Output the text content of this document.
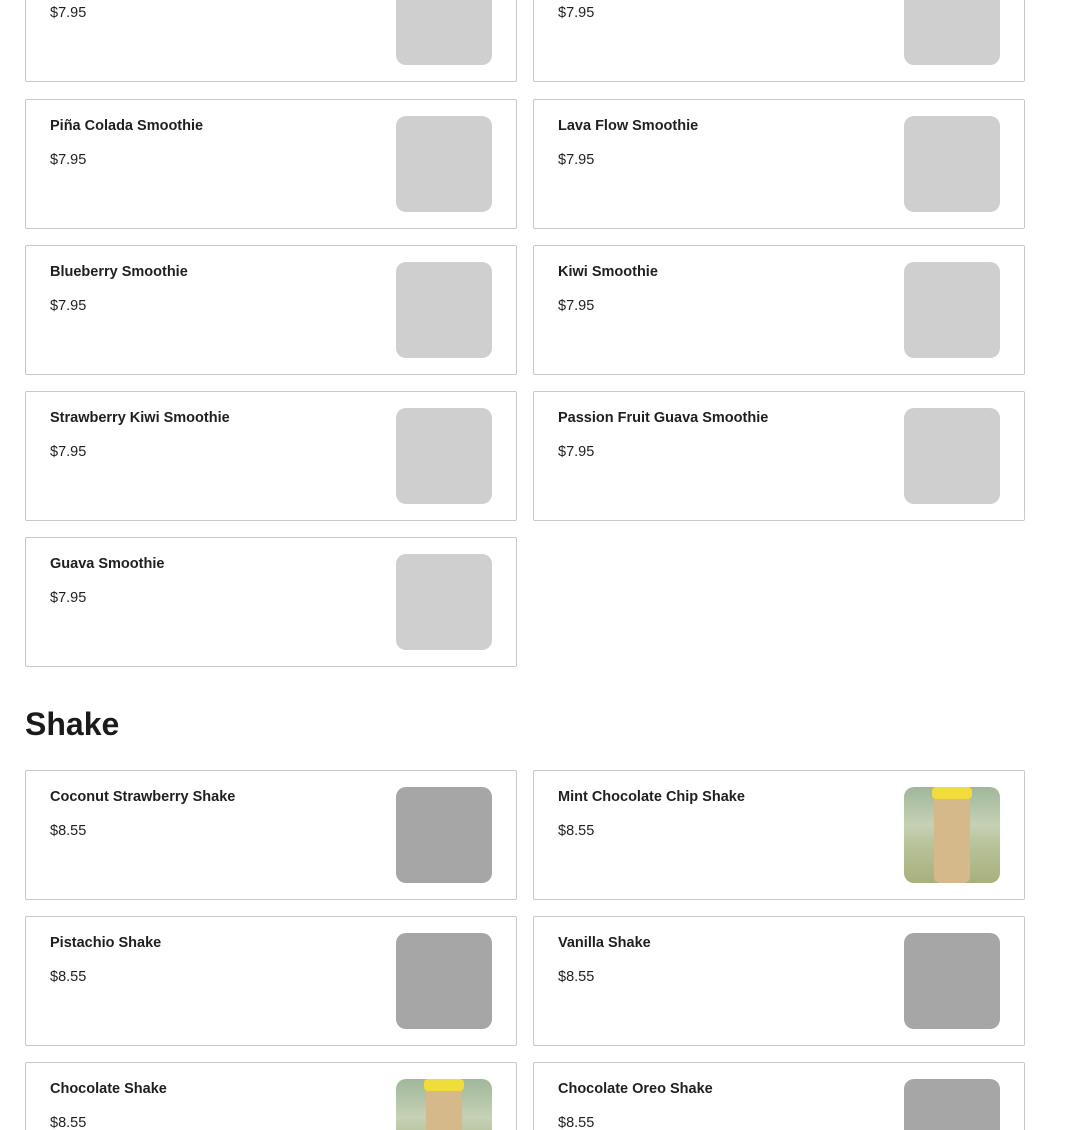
$7.95	$7.95
Piña Colada Smoothie
$7.95
Lava Flow Smoothie
$7.95
Blueberry Smoothie
$7.95
Kiwi Smoothie
$7.95
Strawberry Kiwi Smoothie
$7.95
Passion Fruit Guava Smoothie
$7.95
Guava Smoothie
$7.95
Shake
Coconut Strawberry Shake
$8.55
Mint Chocolate Chip Shake
$8.55
Pistachio Shake
$8.55
Vanilla Shake
$8.55
Chocolate Shake
$8.55
Chocolate Oreo Shake
$8.55
